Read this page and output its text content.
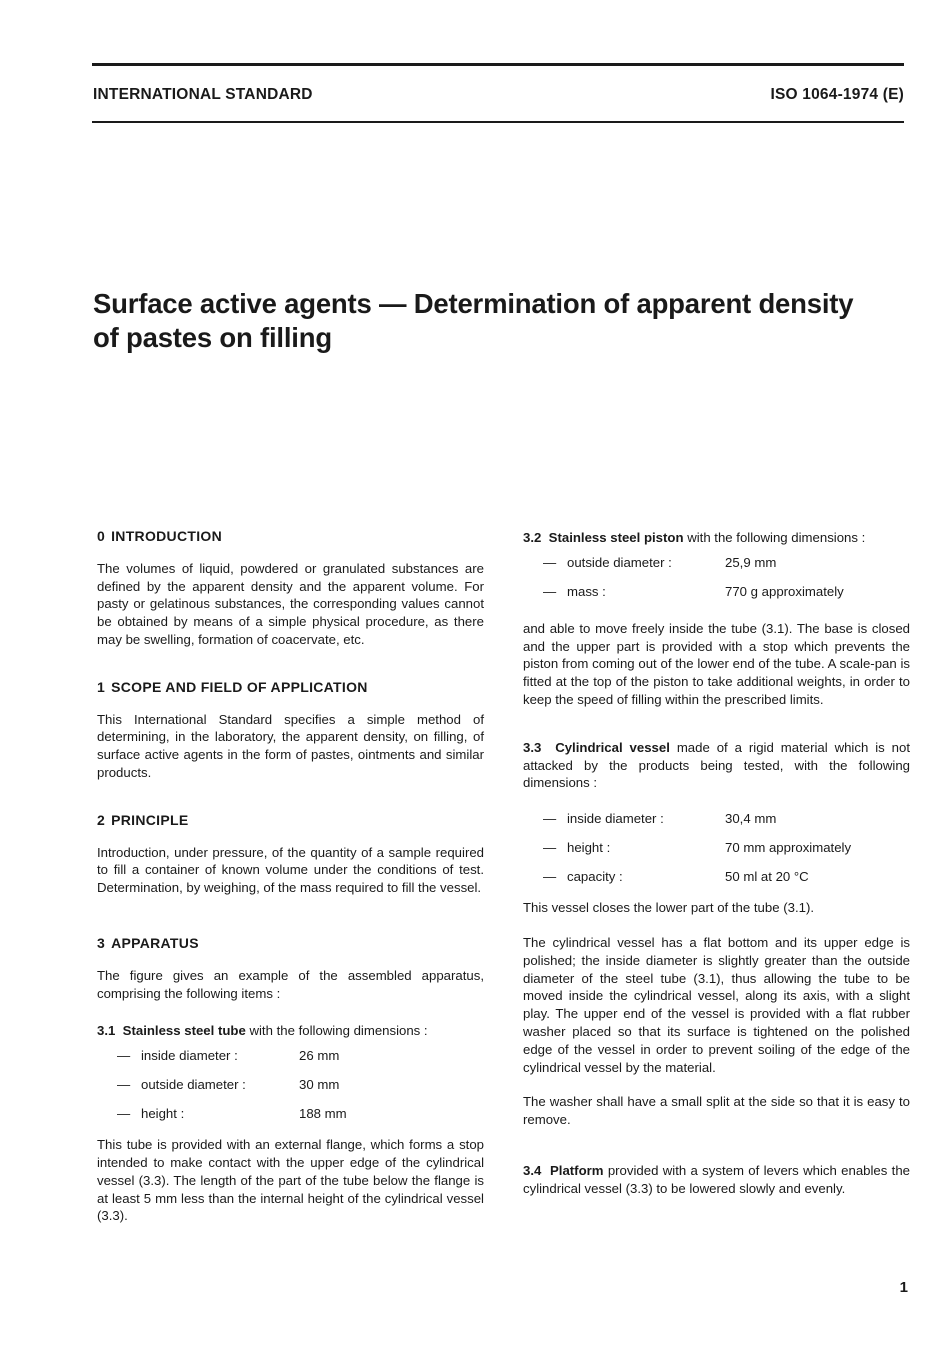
INTERNATIONAL STANDARD	ISO 1064-1974 (E)
Surface active agents — Determination of apparent density
of pastes on filling
0 INTRODUCTION

The volumes of liquid, powdered or granulated substances are defined by the apparent density and the apparent volume. For pasty or gelatinous substances, the corresponding values cannot be obtained by means of a simple physical procedure, as there may be swelling, formation of coacervate, etc.

1 SCOPE AND FIELD OF APPLICATION

This International Standard specifies a simple method of determining, in the laboratory, the apparent density, on filling, of surface active agents in the form of pastes, ointments and similar products.

2 PRINCIPLE

Introduction, under pressure, of the quantity of a sample required to fill a container of known volume under the conditions of test. Determination, by weighing, of the mass required to fill the vessel.

3 APPARATUS

The figure gives an example of the assembled apparatus, comprising the following items :

3.1 Stainless steel tube with the following dimensions :

— inside diameter :	26 mm
— outside diameter :	30 mm
— height :	188 mm

This tube is provided with an external flange, which forms a stop intended to make contact with the upper edge of the cylindrical vessel (3.3). The length of the part of the tube below the flange is at least 5 mm less than the internal height of the cylindrical vessel (3.3).

3.2 Stainless steel piston with the following dimensions :

— outside diameter :	25,9 mm
— mass :	770 g approximately

and able to move freely inside the tube (3.1). The base is closed and the upper part is provided with a stop which prevents the piston from coming out of the lower end of the tube. A scale-pan is fitted at the top of the piston to take additional weights, in order to keep the speed of filling within the prescribed limits.

3.3 Cylindrical vessel made of a rigid material which is not attacked by the products being tested, with the following dimensions :

— inside diameter :	30,4 mm
— height :	70 mm approximately
— capacity :	50 ml at 20 °C

This vessel closes the lower part of the tube (3.1).

The cylindrical vessel has a flat bottom and its upper edge is polished; the inside diameter is slightly greater than the outside diameter of the steel tube (3.1), thus allowing the tube to be moved inside the cylindrical vessel, along its axis, with a slight play. The upper end of the vessel is provided with a flat rubber washer placed so that its surface is tightened on the polished edge of the vessel in order to prevent soiling of the edge of the cylindrical vessel by the material.

The washer shall have a small split at the side so that it is easy to remove.

3.4 Platform provided with a system of levers which enables the cylindrical vessel (3.3) to be lowered slowly and evenly.

1
